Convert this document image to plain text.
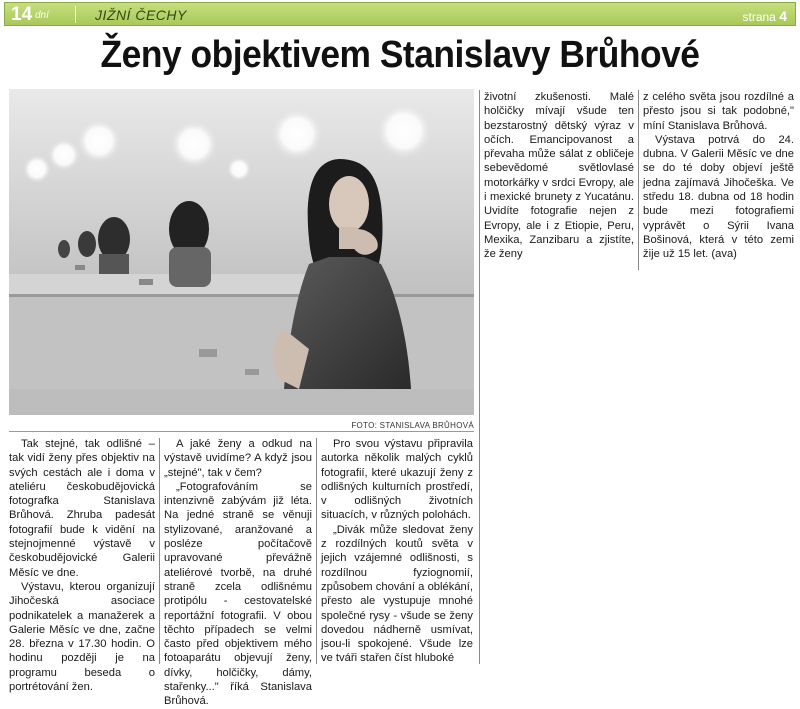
14 dní	JIŽNÍ ČECHY	strana 4
Ženy objektivem Stanislavy Brůhové
FOTO: STANISLAVA BRŮHOVÁ

Tak stejné, tak odlišné – tak vidí ženy přes objektiv na svých cestách ale i doma v ateliéru českobudějovická fotografka Stanislava Brůhová. Zhruba padesát fotografií bude k vidění na stejnojmenné výstavě v českobudějovické Galerii Měsíc ve dne.

Výstavu, kterou organizují Jihočeská asociace podnikatelek a manažerek a Galerie Měsíc ve dne, začne 28. března v 17.30 hodin. O hodinu později je na programu beseda o portrétování žen.

A jaké ženy a odkud na výstavě uvidíme? A když jsou „stejné", tak v čem?

„Fotografováním se intenzivně zabývám již léta. Na jedné straně se věnuji stylizované, aranžované a posléze počítačově upravované převážně ateliérové tvorbě, na druhé straně zcela odlišnému protipólu - cestovatelské reportážní fotografii. V obou těchto případech se velmi často před objektivem mého fotoaparátu objevují ženy, dívky, holčičky, dámy, stařenky..." říká Stanislava Brůhová.

Pro svou výstavu připravila autorka několik malých cyklů fotografií, které ukazují ženy z odlišných kulturních prostředí, v odlišných životních situacích, v různých polohách.

„Divák může sledovat ženy z rozdílných koutů světa v jejich vzájemné odlišnosti, s rozdílnou fyziognomií, způsobem chování a oblékání, přesto ale vystupuje mnohé společné rysy - všude se ženy dovedou nádherně usmívat, jsou-li spokojené. Všude lze ve tváři stařen číst hluboké

životní zkušenosti. Malé holčičky mívají všude ten bezstarostný dětský výraz v očích. Emancipovanost a převaha může sálat z obličeje sebevědomé světlovlasé motorkářky v srdci Evropy, ale i mexické brunety z Yucatánu. Uvidíte fotografie nejen z Evropy, ale i z Etiopie, Peru, Mexika, Zanzibaru a zjistíte, že ženy

z celého světa jsou rozdílné a přesto jsou si tak podobné," míní Stanislava Brůhová.

Výstava potrvá do 24. dubna. V Galerii Měsíc ve dne se do té doby objeví ještě jedna zajímavá Jihočeška. Ve středu 18. dubna od 18 hodin bude mezi fotografiemi vyprávět o Sýrii Ivana Bošinová, která v této zemi žije už 15 let. (ava)
